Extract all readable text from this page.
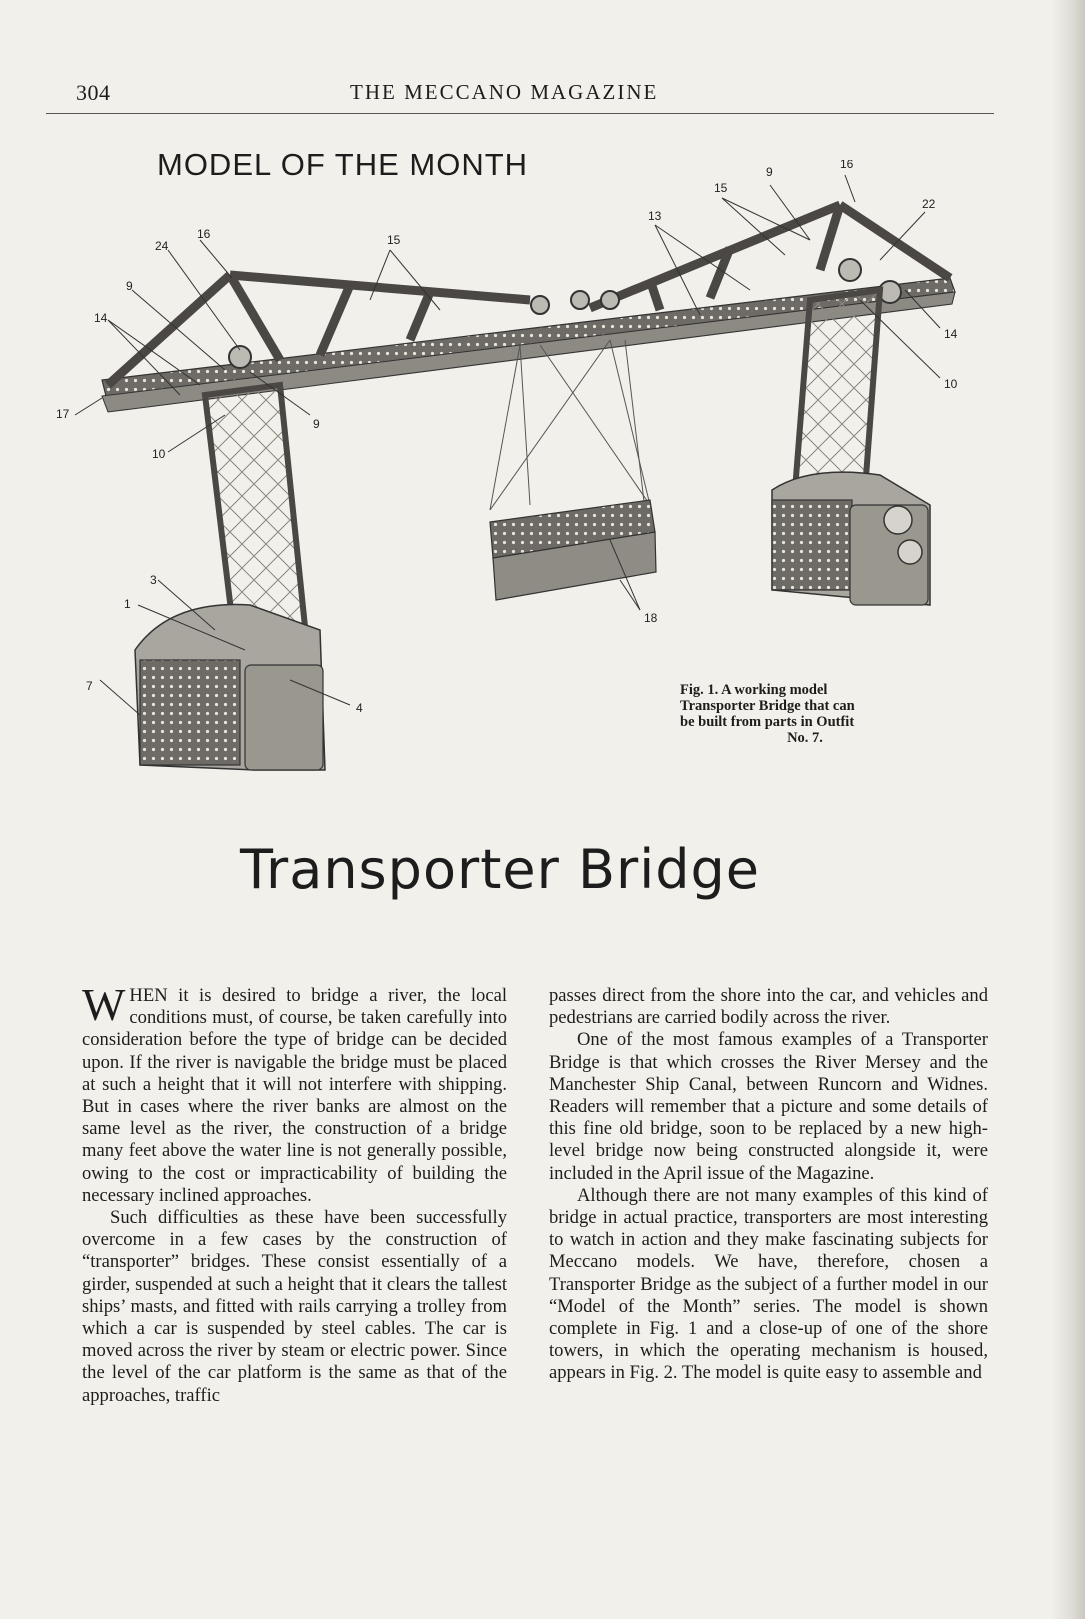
304	THE MECCANO MAGAZINE
16
24	15
9
14
17
10
9
3
1
7
4
18
13
15
9
16
22
14
10
MODEL OF THE MONTH
Fig. 1. A working model
Transporter Bridge that can
be built from parts in Outfit
No. 7.
Transporter Bridge

WHEN it is desired to bridge a river, the local conditions must, of course, be taken carefully into consideration before the type of bridge can be decided upon. If the river is navigable the bridge must be placed at such a height that it will not interfere with shipping. But in cases where the river banks are almost on the same level as the river, the construction of a bridge many feet above the water line is not generally possible, owing to the cost or impracticability of building the necessary inclined approaches.

Such difficulties as these have been successfully overcome in a few cases by the construction of “transporter” bridges. These consist essentially of a girder, suspended at such a height that it clears the tallest ships’ masts, and fitted with rails carrying a trolley from which a car is suspended by steel cables. The car is moved across the river by steam or electric power. Since the level of the car platform is the same as that of the approaches, traffic

passes direct from the shore into the car, and vehicles and pedestrians are carried bodily across the river.

One of the most famous examples of a Transporter Bridge is that which crosses the River Mersey and the Manchester Ship Canal, between Runcorn and Widnes. Readers will remember that a picture and some details of this fine old bridge, soon to be replaced by a new high-level bridge now being constructed alongside it, were included in the April issue of the Magazine.

Although there are not many examples of this kind of bridge in actual practice, transporters are most interesting to watch in action and they make fascinating subjects for Meccano models. We have, therefore, chosen a Transporter Bridge as the subject of a further model in our “Model of the Month” series. The model is shown complete in Fig. 1 and a close-up of one of the shore towers, in which the operating mechanism is housed, appears in Fig. 2. The model is quite easy to assemble and
